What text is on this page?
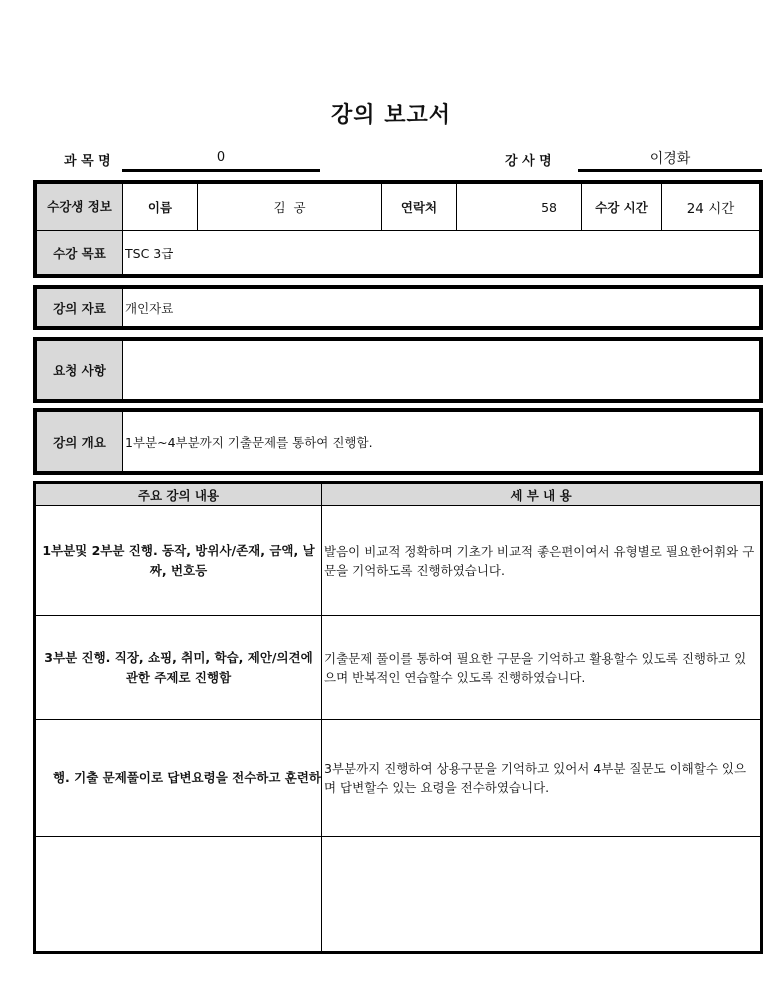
강의 보고서
과 목 명	0	강 사 명	이경화
수강생 정보	이름	김  공	연락처	58	수강 시간	24 시간
수강 목표	TSC 3급					
강의 자료	개인자료
요청 사항	
강의 개요	1부분~4부분까지 기출문제를 통하여 진행함.
주요 강의 내용	세 부 내 용
1부분및 2부분 진행. 동작, 방위사/존재, 금액, 날짜, 번호등	발음이 비교적 정확하며 기초가 비교적 좋은편이여서 유형별로 필요한어휘와 구문을 기억하도록 진행하였습니다.
3부분 진행. 직장, 쇼핑, 취미, 학습, 제안/의견에 관한 주제로 진행함	기출문제 풀이를 통하여 필요한 구문을 기억하고 활용할수 있도록 진행하고 있으며 반복적인 연습할수 있도록 진행하였습니다.
행. 기출 문제풀이로 답변요령을 전수하고 훈련하	3부분까지 진행하여 상용구문을 기억하고 있어서 4부분 질문도 이해할수 있으며 답변할수 있는 요령을 전수하였습니다.
